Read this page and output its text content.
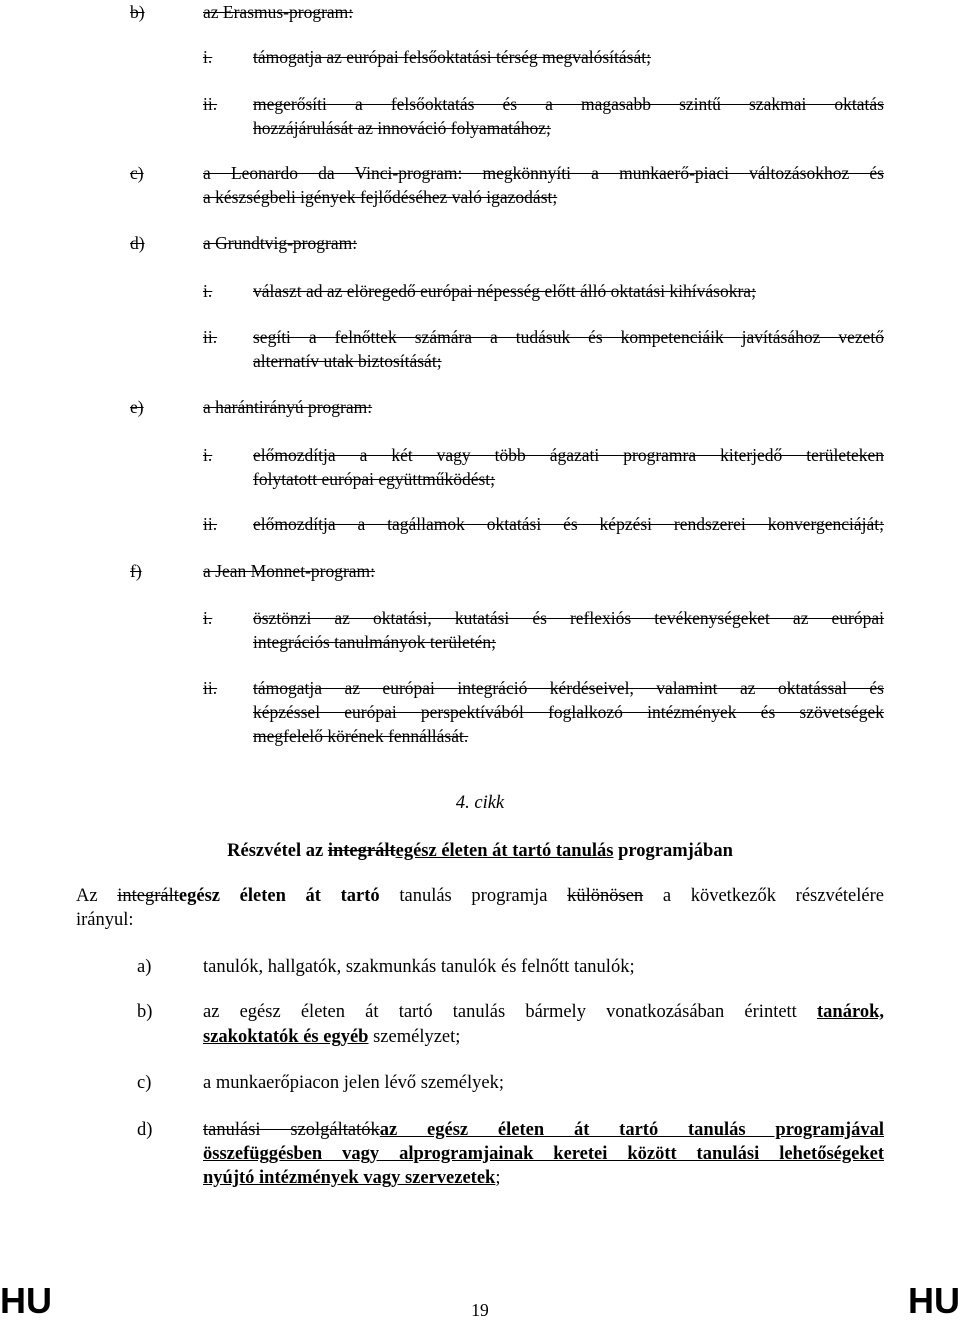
b)	az Erasmus-program:
i. támogatja az európai felsőoktatási térség megvalósítását;
ii. megerősíti a felsőoktatás és a magasabb szintű szakmai oktatás
hozzájárulását az innováció folyamatához;
c)	a Leonardo da Vinci-program: megkönnyíti a munkaerő-piaci változásokhoz és
a készségbeli igények fejlődéséhez való igazodást;
d)	a Grundtvig-program:
i. választ ad az elöregedő európai népesség előtt álló oktatási kihívásokra;
ii. segíti a felnőttek számára a tudásuk és kompetenciáik javításához vezető
alternatív utak biztosítását;
e)	a harántirányú program:
i. előmozdítja a két vagy több ágazati programra kiterjedő területeken
folytatott európai együttműködést;
ii. előmozdítja a tagállamok oktatási és képzési rendszerei konvergenciáját;
f)	a Jean Monnet-program:
i. ösztönzi az oktatási, kutatási és reflexiós tevékenységeket az európai
integrációs tanulmányok területén;
ii. támogatja az európai integráció kérdéseivel, valamint az oktatással és
képzéssel európai perspektívából foglalkozó intézmények és szövetségek
megfelelő körének fennállását.
4. cikk
Részvétel az integráltegész életen át tartó tanulás programjában
Az integráltegész életen át tartó tanulás programja különösen a következők részvételére
irányul:
a)	tanulók, hallgatók, szakmunkás tanulók és felnőtt tanulók;
b)	az egész életen át tartó tanulás bármely vonatkozásában érintett tanárok,
szakoktatók és egyéb személyzet;
c)	a munkaerőpiacon jelen lévő személyek;
d)	tanulási szolgáltatókaz egész életen át tartó tanulás programjával
összefüggésben vagy alprogramjainak keretei között tanulási lehetőségeket
nyújtó intézmények vagy szervezetek;
HU	19	HU
